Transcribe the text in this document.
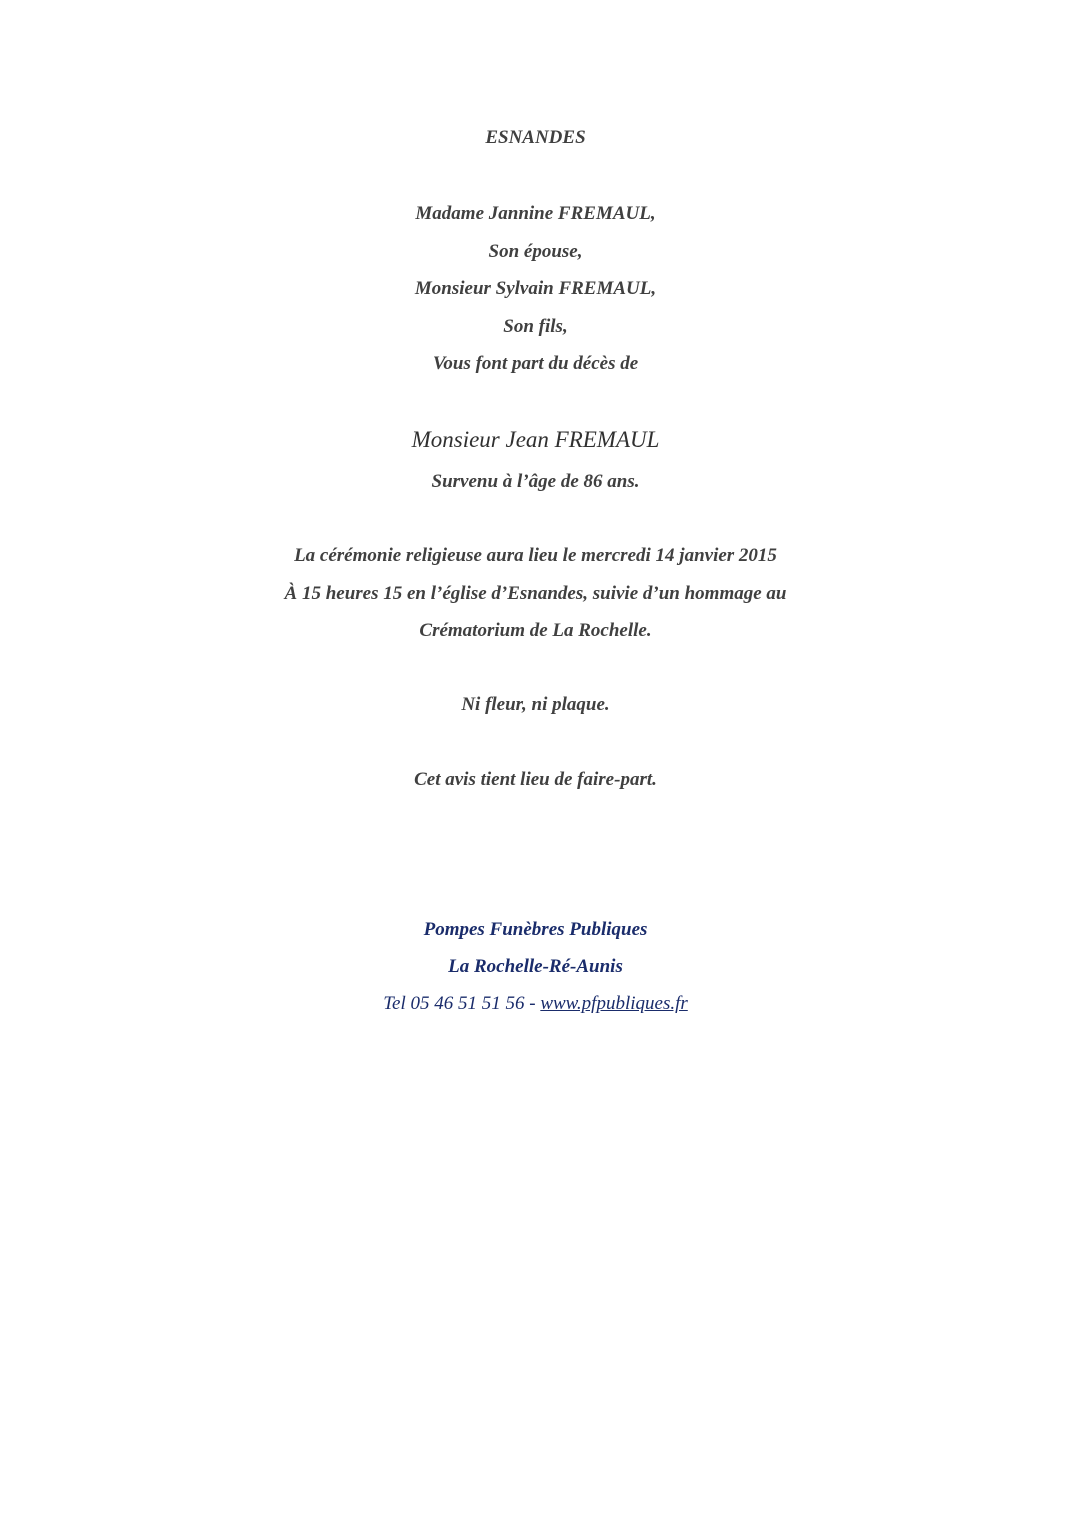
ESNANDES
Madame Jannine FREMAUL,
Son épouse,
Monsieur Sylvain FREMAUL,
Son fils,
Vous font part du décès de
Monsieur Jean FREMAUL
Survenu à l’âge de 86 ans.
La cérémonie religieuse aura lieu le mercredi 14 janvier 2015
À 15 heures 15 en l’église d’Esnandes, suivie d’un hommage au
Crématorium de La Rochelle.
Ni fleur, ni plaque.
Cet avis tient lieu de faire-part.
Pompes Funèbres Publiques
La Rochelle-Ré-Aunis
Tel 05 46 51 51 56 - www.pfpubliques.fr
